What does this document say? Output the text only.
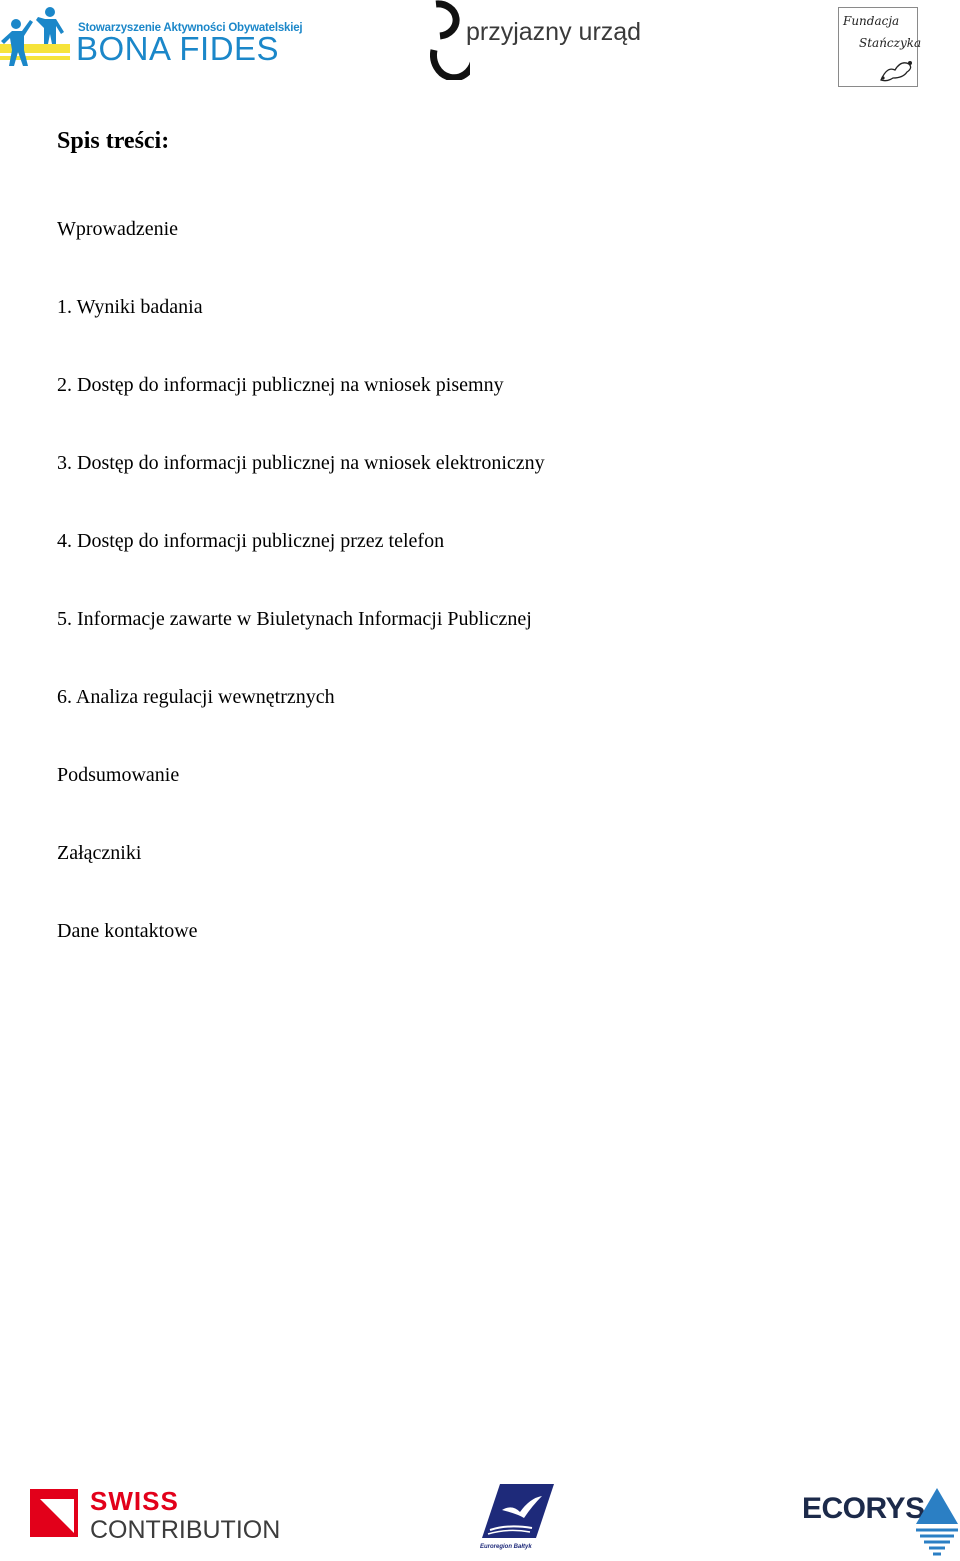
Stowarzyszenie Aktywności Obywatelskiej
BONA FIDES	przyjazny urząd	Fundacja
Stańczyka
Spis treści:
Wprowadzenie
1. Wyniki badania
2. Dostęp do informacji publicznej na wniosek pisemny
3. Dostęp do informacji publicznej na wniosek elektroniczny
4. Dostęp do informacji publicznej przez telefon
5. Informacje zawarte w Biuletynach Informacji Publicznej
6. Analiza regulacji wewnętrznych
Podsumowanie
Załączniki
Dane kontaktowe
SWISS
CONTRIBUTION
Euroregion Bałtyk
ECORYS
